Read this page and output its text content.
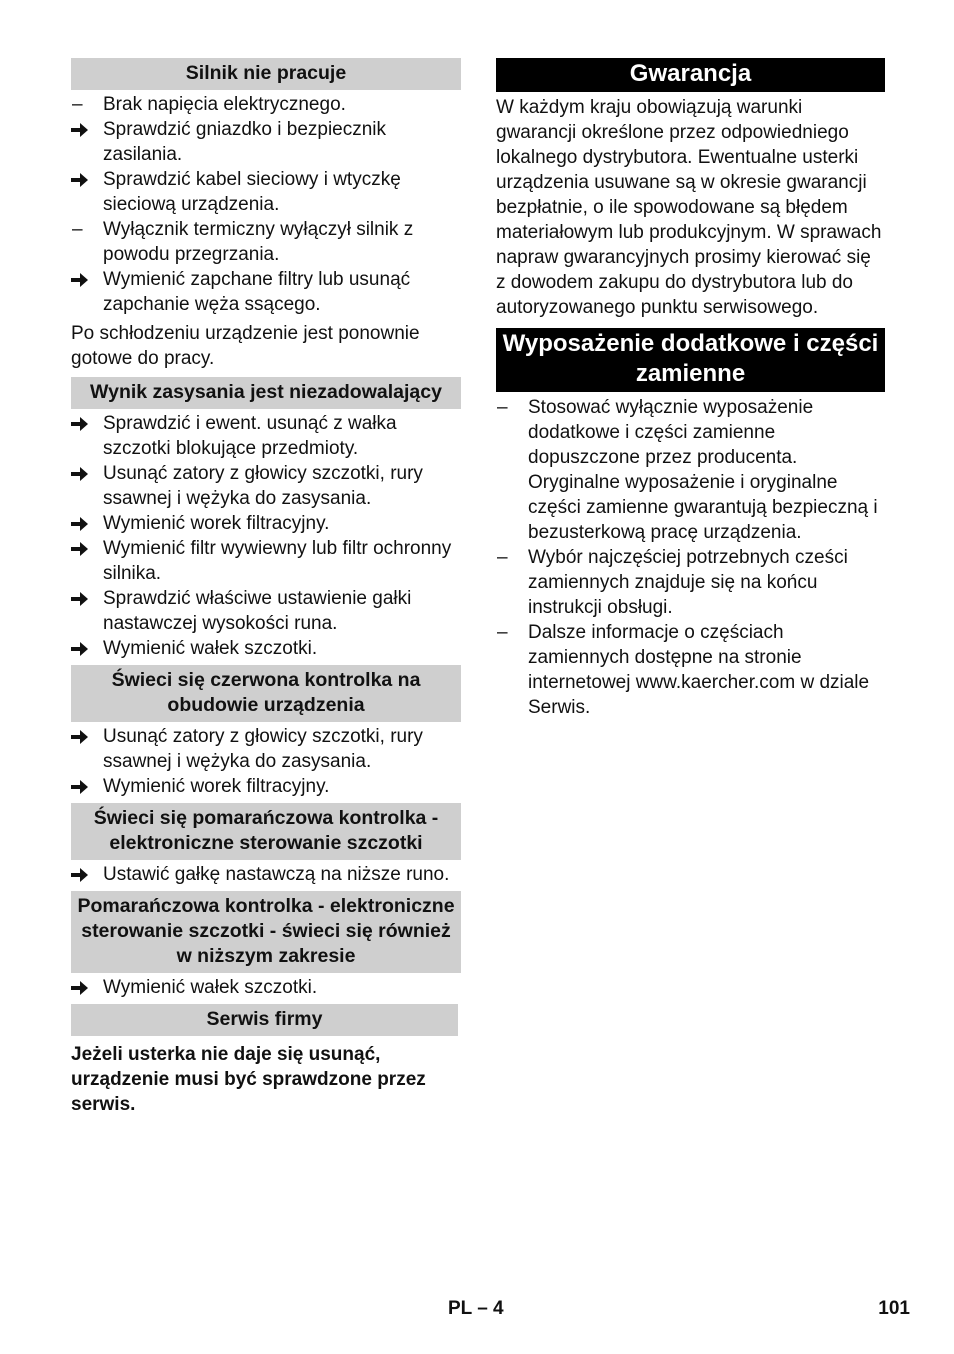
Silnik nie pracuje
–	Brak napięcia elektrycznego.
Sprawdzić gniazdko i bezpiecznik zasilania.
Sprawdzić kabel sieciowy i wtyczkę sieciową urządzenia.
–	Wyłącznik termiczny wyłączył silnik z powodu przegrzania.
Wymienić zapchane filtry lub usunąć zapchanie węża ssącego.

Po schłodzeniu urządzenie jest ponownie gotowe do pracy.

Wynik zasysania jest niezadowalający
Sprawdzić i ewent. usunąć z wałka szczotki blokujące przedmioty.
Usunąć zatory z głowicy szczotki, rury ssawnej i wężyka do zasysania.
Wymienić worek filtracyjny.
Wymienić filtr wywiewny lub filtr ochronny silnika.
Sprawdzić właściwe ustawienie gałki nastawczej wysokości runa.
Wymienić wałek szczotki.
Świeci się czerwona kontrolka na obudowie urządzenia
Usunąć zatory z głowicy szczotki, rury ssawnej i wężyka do zasysania.
Wymienić worek filtracyjny.
Świeci się pomarańczowa kontrolka - elektroniczne sterowanie szczotki
Ustawić gałkę nastawczą na niższe runo.
Pomarańczowa kontrolka - elektroniczne sterowanie szczotki - świeci się również w niższym zakresie
Wymienić wałek szczotki.
Serwis firmy

Jeżeli usterka nie daje się usunąć, urządzenie musi być sprawdzone przez serwis.

Gwarancja

W każdym kraju obowiązują warunki gwarancji określone przez odpowiedniego lokalnego dystrybutora. Ewentualne usterki urządzenia usuwane są w okresie gwarancji bezpłatnie, o ile spowodowane są błędem materiałowym lub produkcyjnym. W sprawach napraw gwarancyjnych prosimy kierować się z dowodem zakupu do dystrybutora lub do autoryzowanego punktu serwisowego.

Wyposażenie dodatkowe i części zamienne
–	Stosować wyłącznie wyposażenie dodatkowe i części zamienne dopuszczone przez producenta. Oryginalne wyposażenie i oryginalne części zamienne gwarantują bezpieczną i bezusterkową pracę urządzenia.
–	Wybór najczęściej potrzebnych cześci zamiennych znajduje się na końcu instrukcji obsługi.
–	Dalsze informacje o częściach zamiennych dostępne na stronie internetowej www.kaercher.com w dziale Serwis.
PL – 4	101
